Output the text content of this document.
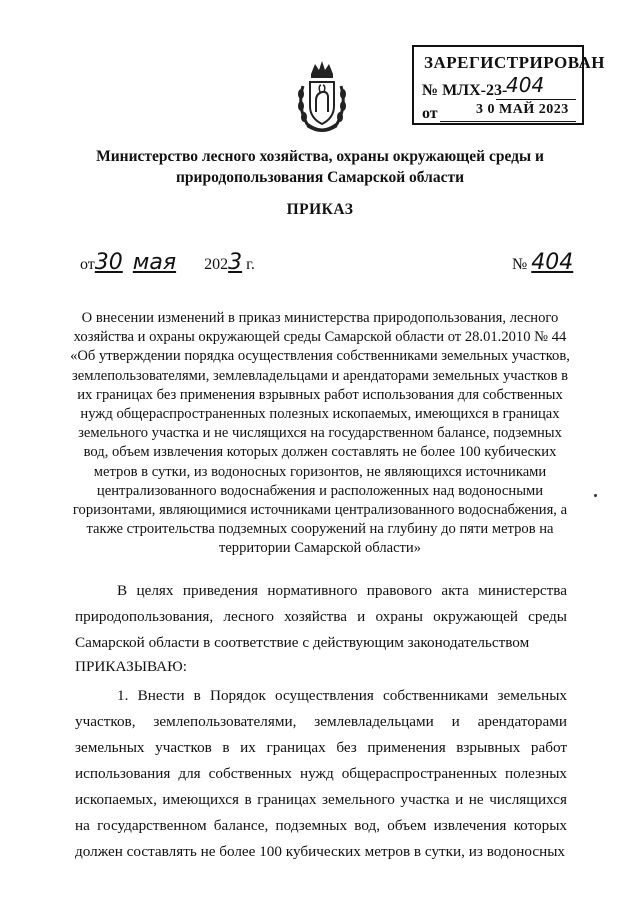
ЗАРЕГИСТРИРОВАН
№ МЛХ-23-
404
от	3 0 МАЙ 2023
Министерство лесного хозяйства, охраны окружающей среды и природопользования Самарской области
ПРИКАЗ
от30 мая 2023 г.	№ 404
О внесении изменений в приказ министерства природопользования, лесного хозяйства и охраны окружающей среды Самарской области от 28.01.2010 № 44 «Об утверждении порядка осуществления собственниками земельных участков, землепользователями, землевладельцами и арендаторами земельных участков в их границах без применения взрывных работ использования для собственных нужд общераспространенных полезных ископаемых, имеющихся в границах земельного участка и не числящихся на государственном балансе, подземных вод, объем извлечения которых должен составлять не более 100 кубических метров в сутки, из водоносных горизонтов, не являющихся источниками централизованного водоснабжения и расположенных над водоносными горизонтами, являющимися источниками централизованного водоснабжения, а также строительства подземных сооружений на глубину до пяти метров на территории Самарской области»
В целях приведения нормативного правового акта министерства природопользования, лесного хозяйства и охраны окружающей среды Самарской области в соответствие с действующим законодательством
ПРИКАЗЫВАЮ:
1. Внести в Порядок осуществления собственниками земельных участков, землепользователями, землевладельцами и арендаторами земельных участков в их границах без применения взрывных работ использования для собственных нужд общераспространенных полезных ископаемых, имеющихся в границах земельного участка и не числящихся на государственном балансе, подземных вод, объем извлечения которых должен составлять не более 100 кубических метров в сутки, из водоносных
